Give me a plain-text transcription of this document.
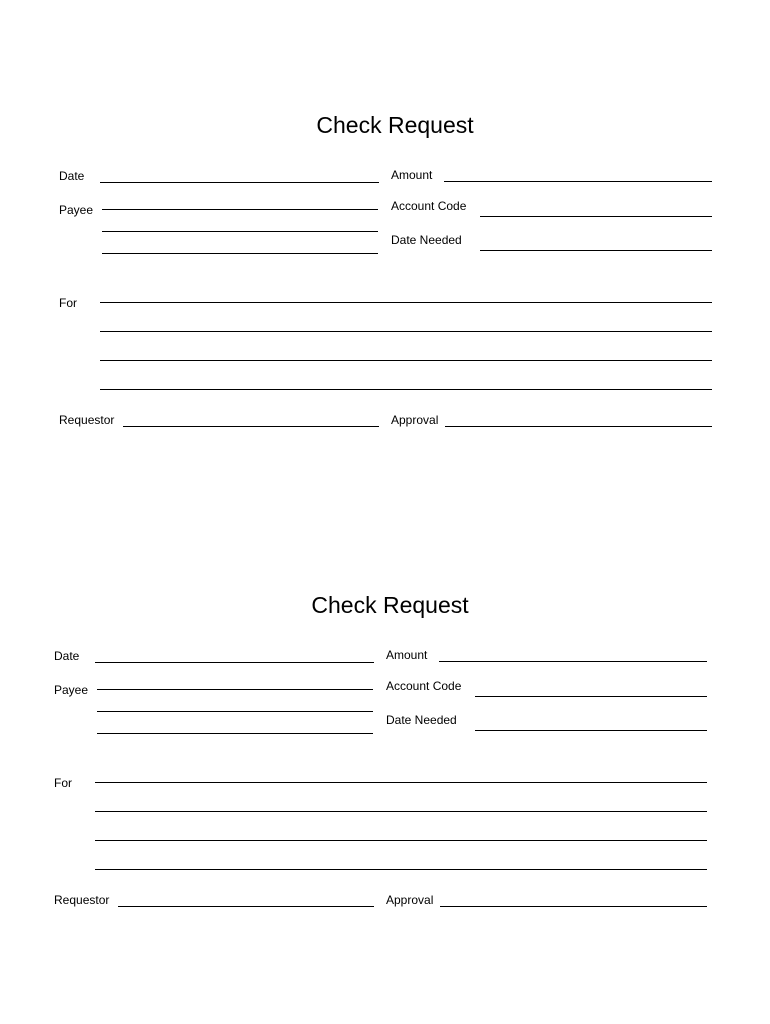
Check Request
Date	Amount
Payee	Account Code
Date Needed
For
Requestor	Approval
Check Request
Date	Amount
Payee	Account Code
Date Needed
For
Requestor	Approval
